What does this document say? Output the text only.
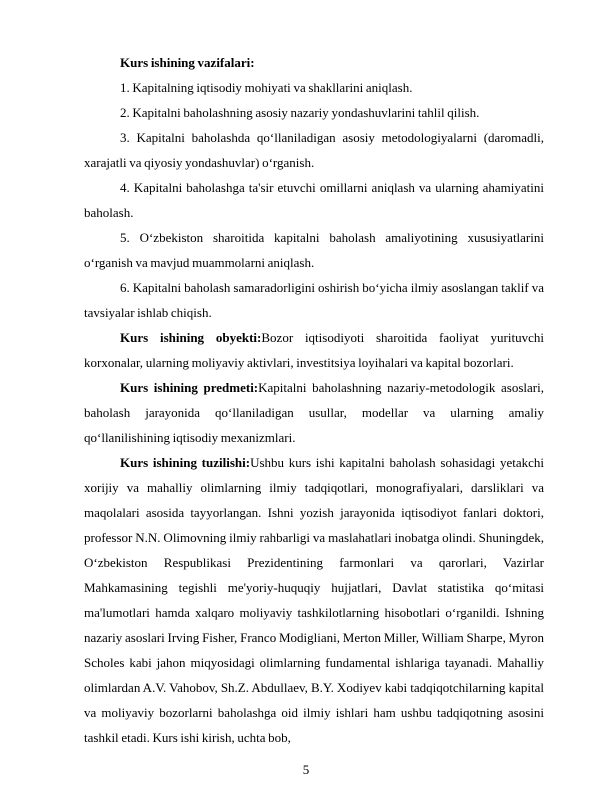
Kurs ishining vazifalari:

1. Kapitalning iqtisodiy mohiyati va shakllarini aniqlash.

2. Kapitalni baholashning asosiy nazariy yondashuvlarini tahlil qilish.

3. Kapitalni baholashda qoʻllaniladigan asosiy metodologiyalarni (daromadli, xarajatli va qiyosiy yondashuvlar) oʻrganish.

4. Kapitalni baholashga ta'sir etuvchi omillarni aniqlash va ularning ahamiyatini baholash.

5. Oʻzbekiston sharoitida kapitalni baholash amaliyotining xususiyatlarini oʻrganish va mavjud muammolarni aniqlash.

6. Kapitalni baholash samaradorligini oshirish boʻyicha ilmiy asoslangan taklif va tavsiyalar ishlab chiqish.

Kurs ishining obyekti:Bozor iqtisodiyoti sharoitida faoliyat yurituvchi korxonalar, ularning moliyaviy aktivlari, investitsiya loyihalari va kapital bozorlari.

Kurs ishining predmeti:Kapitalni baholashning nazariy-metodologik asoslari, baholash jarayonida qoʻllaniladigan usullar, modellar va ularning amaliy qoʻllanilishining iqtisodiy mexanizmlari.

Kurs ishining tuzilishi:Ushbu kurs ishi kapitalni baholash sohasidagi yetakchi xorijiy va mahalliy olimlarning ilmiy tadqiqotlari, monografiyalari, darsliklari va maqolalari asosida tayyorlangan. Ishni yozish jarayonida iqtisodiyot fanlari doktori, professor N.N. Olimovning ilmiy rahbarligi va maslahatlari inobatga olindi. Shuningdek, Oʻzbekiston Respublikasi Prezidentining farmonlari va qarorlari, Vazirlar Mahkamasining tegishli me'yoriy-huquqiy hujjatlari, Davlat statistika qoʻmitasi ma'lumotlari hamda xalqaro moliyaviy tashkilotlarning hisobotlari oʻrganildi. Ishning nazariy asoslari Irving Fisher, Franco Modigliani, Merton Miller, William Sharpe, Myron Scholes kabi jahon miqyosidagi olimlarning fundamental ishlariga tayanadi. Mahalliy olimlardan A.V. Vahobov, Sh.Z. Abdullaev, B.Y. Xodiyev kabi tadqiqotchilarning kapital va moliyaviy bozorlarni baholashga oid ilmiy ishlari ham ushbu tadqiqotning asosini tashkil etadi. Kurs ishi kirish, uchta bob,

5
